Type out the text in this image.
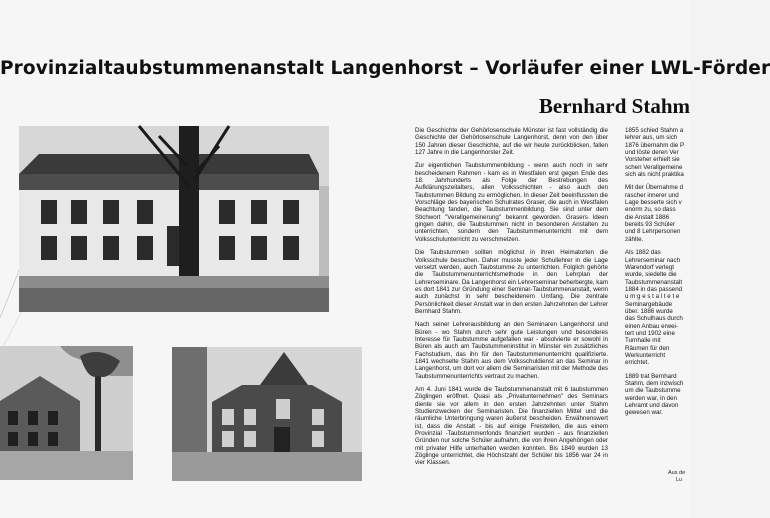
Provinzialtaubstummenanstalt Langenhorst – Vorläufer einer LWL-Förder
Bernhard Stahm

Die Geschichte der Gehörlosenschule Münster ist fast vollständig die Geschichte der Gehörlosenschule Langenhorst, denn von den über 150 Jahren dieser Geschichte, auf die wir heute zurückblicken, fallen 127 Jahre in die Langenhorster Zeit.

Zur eigentlichen Taubstummenbildung - wenn auch noch in sehr bescheidenem Rahmen - kam es in Westfalen erst gegen Ende des 18. Jahrhunderts als Folge der Bestrebungen des Aufklärungszeitalters, allen Volksschichten - also auch den Taubstummen Bildung zu ermöglichen. In dieser Zeit beeinflussten die Vorschläge des bayerischen Schulrates Graser, die auch in Westfalen Beachtung fanden, die Taubstummenbildung. Sie sind unter dem Stichwort "Verallgemeinerung" bekannt geworden. Grasers Ideen gingen dahin, die Taubstummen nicht in besonderen Anstalten zu unterrichten, sondern den Taubstummenunterricht mit dem Volksschulunterricht zu verschmelzen.

Die Taubstummen sollten möglichst in ihren Heimatorten die Volksschule besuchen. Daher musste jeder Schullehrer in die Lage versetzt werden, auch Taubstumme zu unterrichten. Folglich gehörte die Taubstummenunterrichtsmethode in den Lehrplan der Lehrerseminare. Da Langenhorst ein Lehrerseminar beherbergte, kam es dort 1841 zur Gründung einer Seminar-Taubstummenanstalt, wenn auch zunächst in sehr bescheidenem Umfang. Die zentrale Persönlichkeit dieser Anstalt war in den ersten Jahrzehnten der Lehrer Bernhard Stahm.

Nach seiner Lehrerausbildung an den Seminaren Langenhorst und Büren - wo Stahm durch sehr gute Leistungen und besonderes Interesse für Taubstumme aufgefallen war - absolvierte er sowohl in Büren als auch am Taubstummeninstitut in Münster ein zusätzliches Fachstudium, das ihn für den Taubstummenunterricht qualifizierte. 1841 wechselte Stahm aus dem Volksschuldienst an das Seminar in Langenhorst, um dort vor allem die Seminaristen mit der Methode des Taubstummenunterrichts vertraut zu machen.

Am 4. Juni 1841 wurde die Taubstummenanstalt mit 6 taubstummen Zöglingen eröffnet. Quasi als „Privatunternehmen" des Seminars diente sie vor allem in den ersten Jahrzehnten unter Stahm Studienzwecken der Seminaristen. Die finanziellen Mittel und die räumliche Unterbringung waren äußerst bescheiden. Erwähnenswert ist, dass die Anstalt - bis auf einige Freistellen, die aus einem Provinzial -Taubstummenfonds finanziert wurden - aus finanziellen Gründen nur solche Schüler aufnahm, die von ihren Angehörigen oder mit privater Hilfe unterhalten werden konnten. Bis 1849 wurden 13 Zöglinge unterrichtet, die Höchstzahl der Schüler bis 1856 war 24 in vier Klassen.

1855 schied Stahm a
lehrer aus, um sich
1876 übernahm die P
und löste deren Ver
Vorsteher erhielt sie
schen Verallgemeine
sich als nicht praktika

Mit der Übernahme d
rascher innerer und
Lage besserte sich v
enorm zu, so dass
die Anstalt 1886
bereits 93 Schüler
und 8 Lehrpersonen
zählte.

Als 1882 das
Lehrerseminar nach
Warendorf verlegt
wurde, siedelte die
Taubstummenanstalt
1884 in das passend
u m g e s t a l t e t e
Seminargebäude
über. 1886 wurde
das Schulhaus durch
einen Anbau erwei-
tert und 1902 eine
Turnhalle mit
Räumen für den
Werkunterricht
errichtet.

1889 trat Bernhard
Stahm, dem inzwisch
um die Taubstumme
werden war, in den
Lehramt und davon
gewesen war.

Aus de
Lu
